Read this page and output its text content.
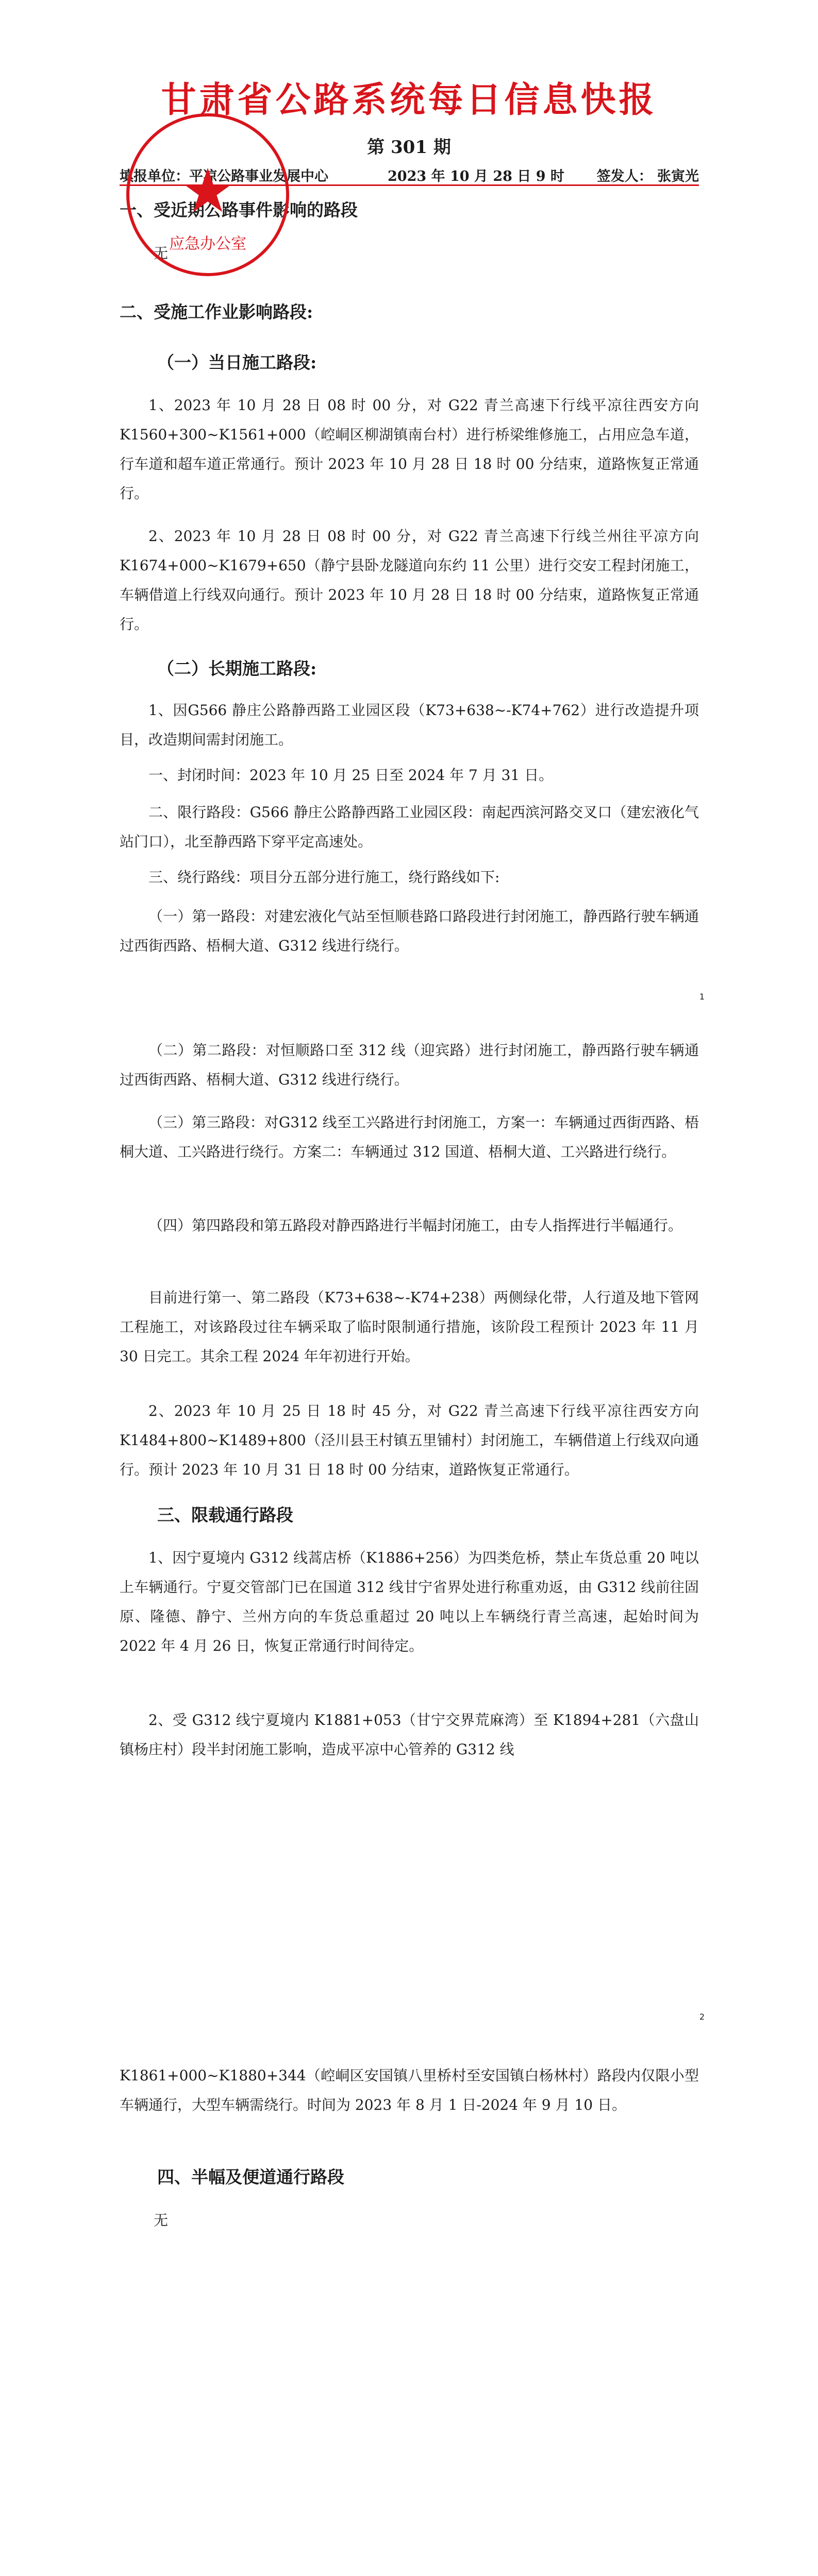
甘肃省公路系统每日信息快报

第 301 期

填报单位：平凉公路事业发展中心	2023 年 10 月 28 日 9 时 签发人： 张寅光
一、受近期公路事件影响的路段

无

★
应急办公室
二、受施工作业影响路段:
（一）当日施工路段:

1、2023 年 10 月 28 日 08 时 00 分，对 G22 青兰高速下行线平凉往西安方向 K1560+300~K1561+000（崆峒区柳湖镇南台村）进行桥梁维修施工，占用应急车道，行车道和超车道正常通行。预计 2023 年 10 月 28 日 18 时 00 分结束，道路恢复正常通行。

2、2023 年 10 月 28 日 08 时 00 分，对 G22 青兰高速下行线兰州往平凉方向 K1674+000~K1679+650（静宁县卧龙隧道向东约 11 公里）进行交安工程封闭施工，车辆借道上行线双向通行。预计 2023 年 10 月 28 日 18 时 00 分结束，道路恢复正常通行。

（二）长期施工路段:

1、因G566 静庄公路静西路工业园区段（K73+638~-K74+762）进行改造提升项目，改造期间需封闭施工。

一、封闭时间：2023 年 10 月 25 日至 2024 年 7 月 31 日。

二、限行路段：G566 静庄公路静西路工业园区段：南起西滨河路交叉口（建宏液化气站门口），北至静西路下穿平定高速处。

三、绕行路线：项目分五部分进行施工，绕行路线如下:

（一）第一路段：对建宏液化气站至恒顺巷路口路段进行封闭施工，静西路行驶车辆通过西街西路、梧桐大道、G312 线进行绕行。

1

（二）第二路段：对恒顺路口至 312 线（迎宾路）进行封闭施工，静西路行驶车辆通过西街西路、梧桐大道、G312 线进行绕行。

（三）第三路段：对G312 线至工兴路进行封闭施工，方案一：车辆通过西街西路、梧桐大道、工兴路进行绕行。方案二：车辆通过 312 国道、梧桐大道、工兴路进行绕行。

（四）第四路段和第五路段对静西路进行半幅封闭施工，由专人指挥进行半幅通行。

目前进行第一、第二路段（K73+638~-K74+238）两侧绿化带，人行道及地下管网工程施工，对该路段过往车辆采取了临时限制通行措施，该阶段工程预计 2023 年 11 月 30 日完工。其余工程 2024 年年初进行开始。

2、2023 年 10 月 25 日 18 时 45 分，对 G22 青兰高速下行线平凉往西安方向 K1484+800~K1489+800（泾川县王村镇五里铺村）封闭施工，车辆借道上行线双向通行。预计 2023 年 10 月 31 日 18 时 00 分结束，道路恢复正常通行。

三、限载通行路段

1、因宁夏境内 G312 线蒿店桥（K1886+256）为四类危桥，禁止车货总重 20 吨以上车辆通行。宁夏交管部门已在国道 312 线甘宁省界处进行称重劝返，由 G312 线前往固原、隆德、静宁、兰州方向的车货总重超过 20 吨以上车辆绕行青兰高速，起始时间为 2022 年 4 月 26 日，恢复正常通行时间待定。

2、受 G312 线宁夏境内 K1881+053（甘宁交界荒麻湾）至 K1894+281（六盘山镇杨庄村）段半封闭施工影响，造成平凉中心管养的 G312 线

2

K1861+000~K1880+344（崆峒区安国镇八里桥村至安国镇白杨林村）路段内仅限小型车辆通行，大型车辆需绕行。时间为 2023 年 8 月 1 日-2024 年 9 月 10 日。

四、半幅及便道通行路段

无
